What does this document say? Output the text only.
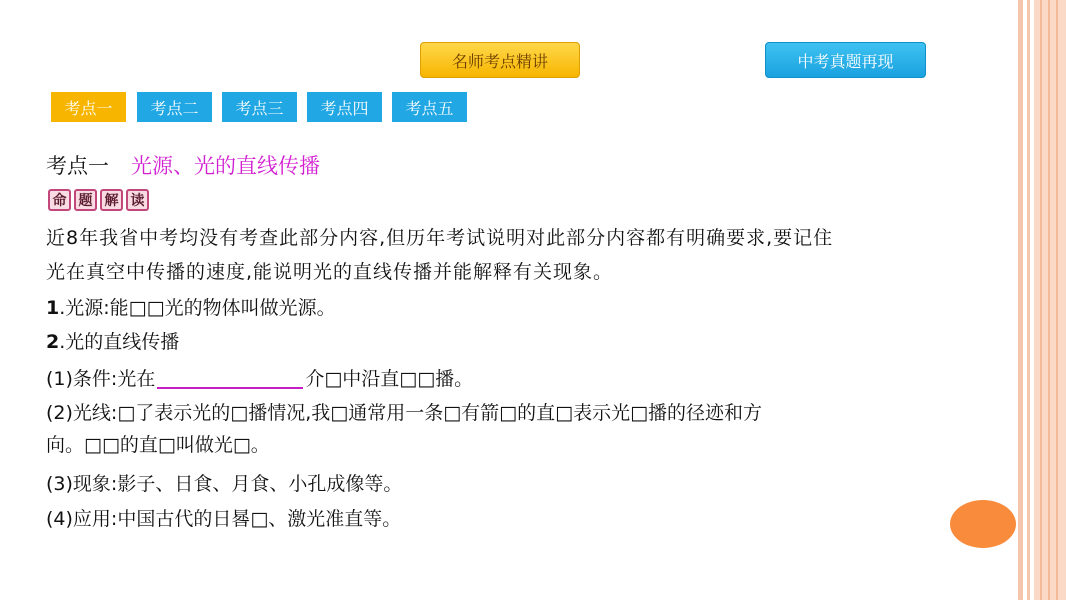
名师考点精讲	中考真题再现
考点一	考点二	考点三	考点四	考点五
考点一 光源、光的直线传播
命 题 解 读
近8年我省中考均没有考查此部分内容,但历年考试说明对此部分内容都有明确要求,要记住
光在真空中传播的速度,能说明光的直线传播并能解释有关现象。
1.光源:能□□光的物体叫做光源。
2.光的直线传播
(1)条件:光在	介□中沿直□□播。
(2)光线:□了表示光的□播情况,我□通常用一条□有箭□的直□表示光□播的径迹和方
向。□□的直□叫做光□。
(3)现象:影子、日食、月食、小孔成像等。
(4)应用:中国古代的日晷□、激光准直等。
